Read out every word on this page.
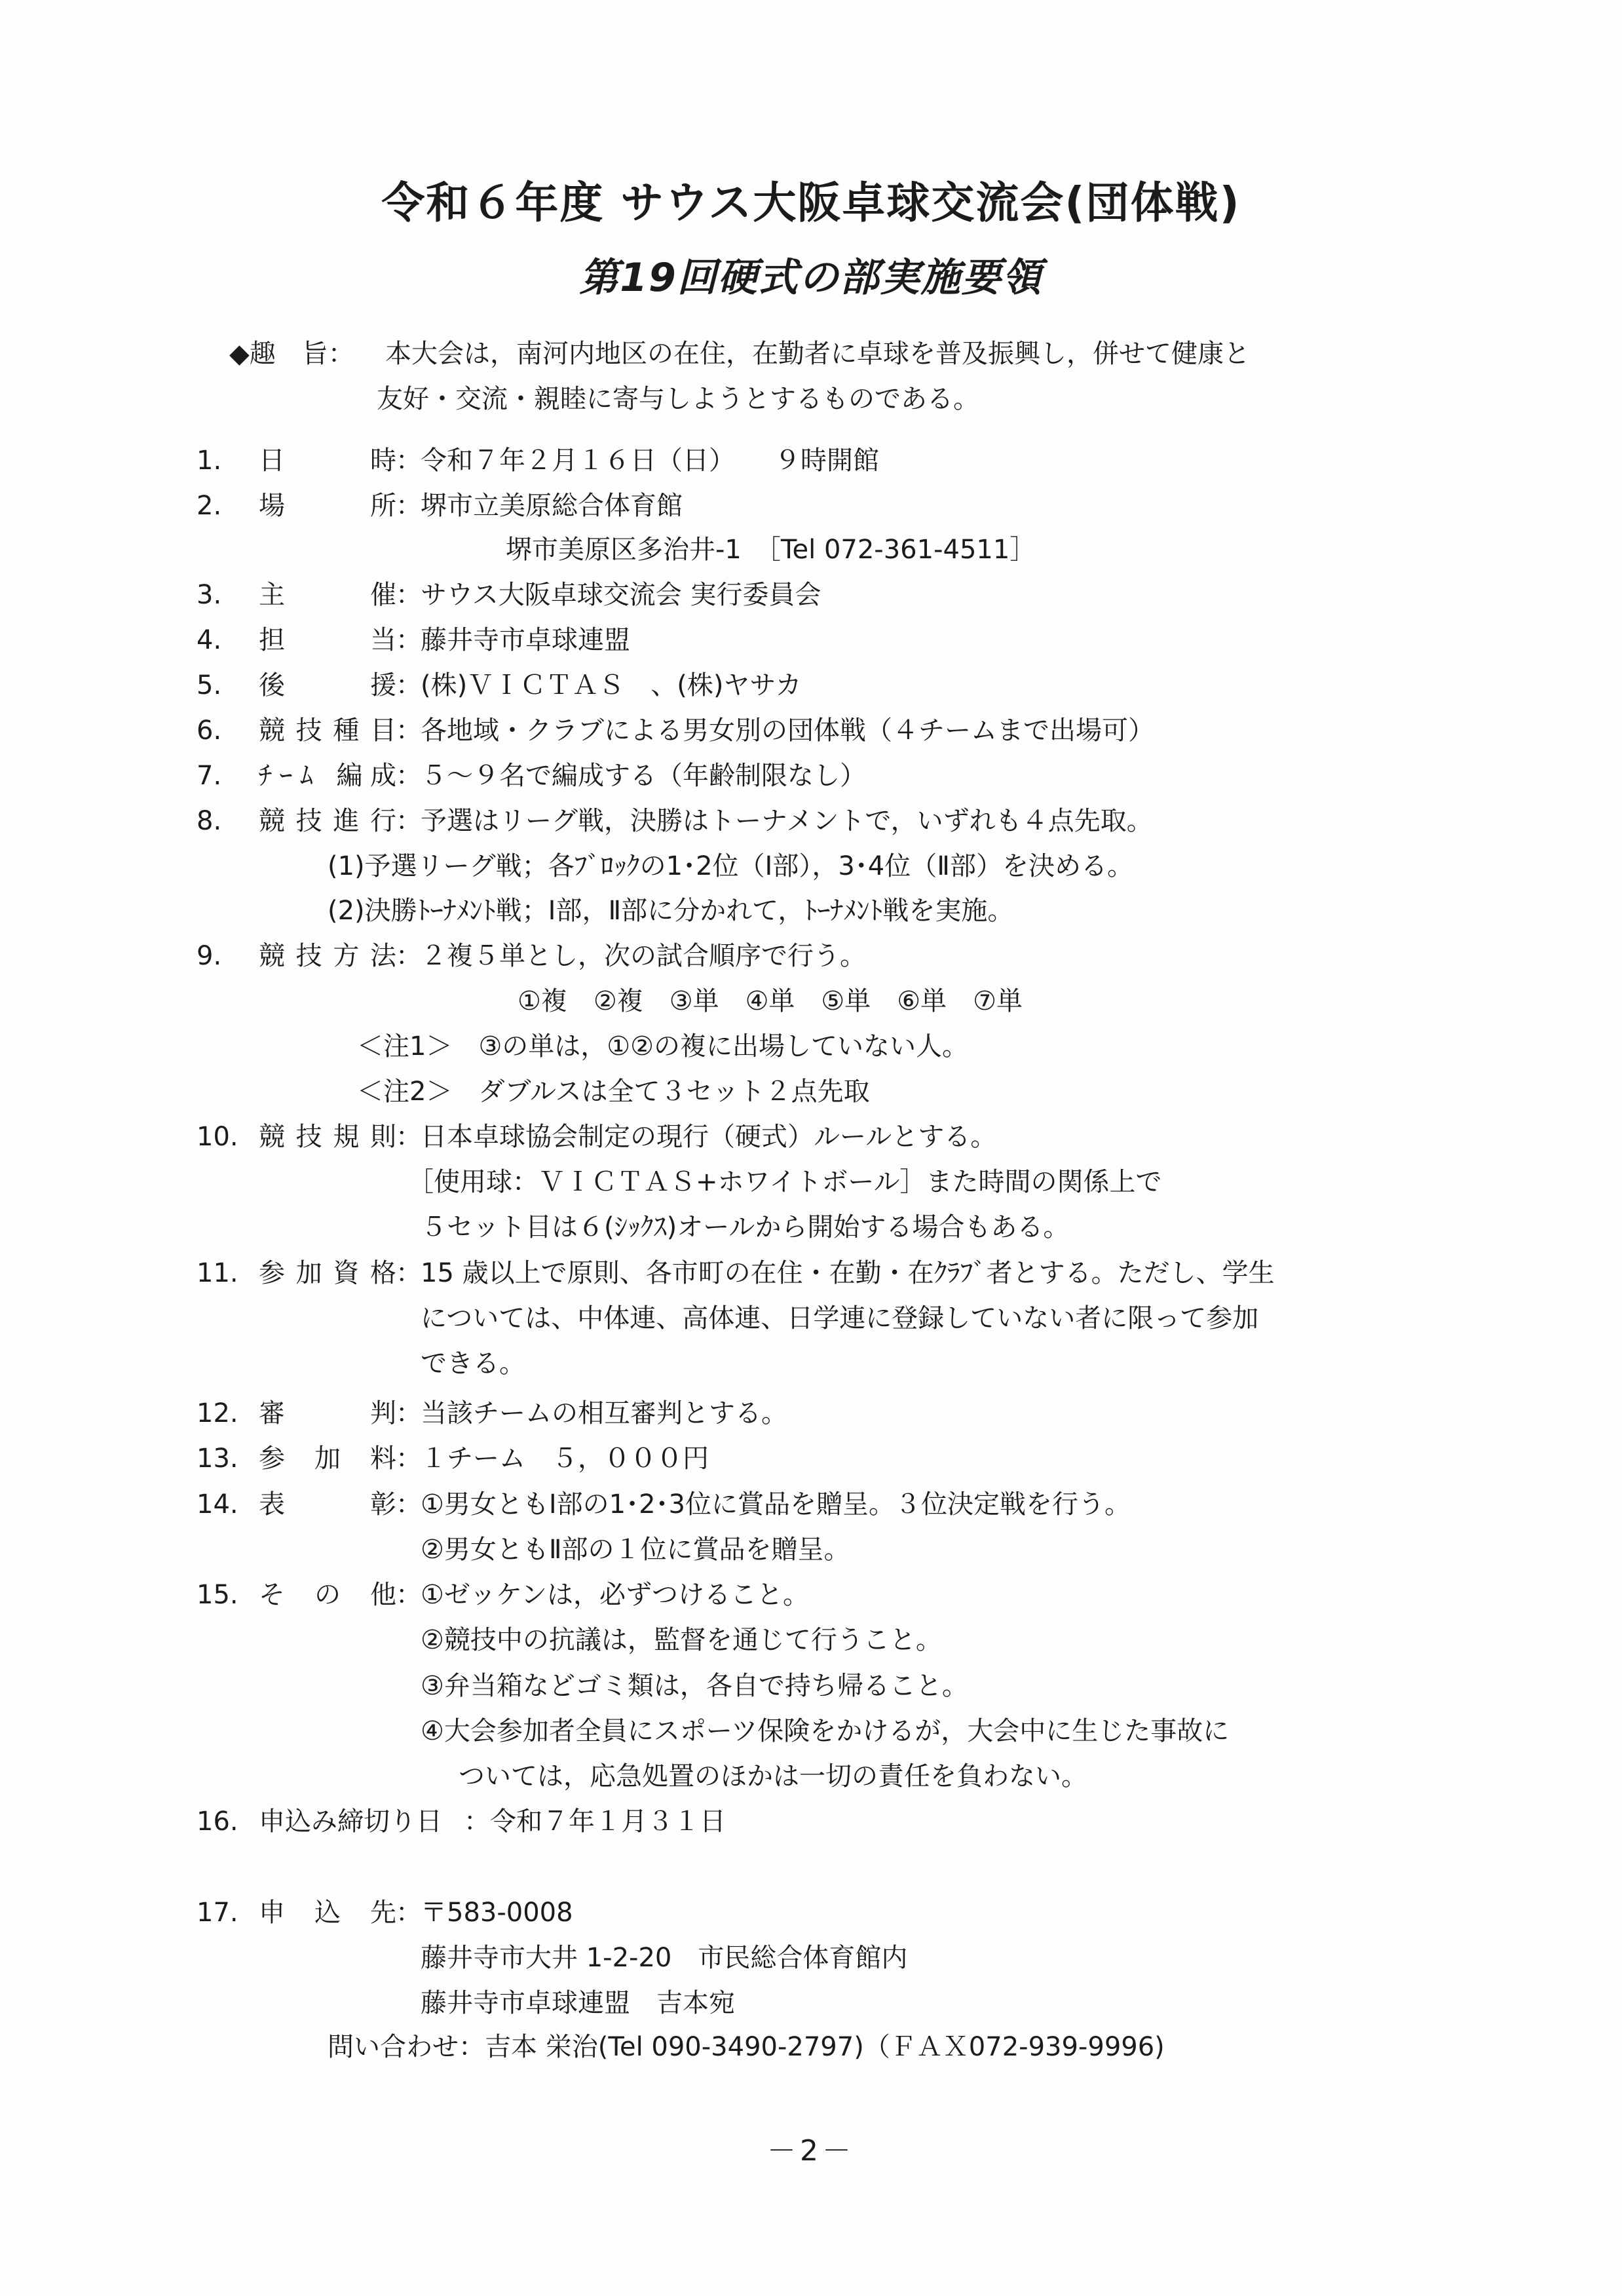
令和６年度 サウス大阪卓球交流会(団体戦)
第19回硬式の部実施要領
◆趣　旨： 本大会は，南河内地区の在住，在勤者に卓球を普及振興し，併せて健康と
友好・交流・親睦に寄与しようとするものである。
1. 日　時 ：
令和７年２月１６日（日）　　９時開館
2. 場　所 ：
堺市立美原総合体育館
堺市美原区多治井-1　［Tel 072-361-4511］
3. 主　催 ：
サウス大阪卓球交流会 実行委員会
4. 担　当 ：
藤井寺市卓球連盟
5. 後　援 ：
(株)ＶＩＣＴＡＳ　、(株)ヤサカ
6. 競技種目 ：
各地域・クラブによる男女別の団体戦（４チームまで出場可）
7. ﾁｰﾑ 編成 ：
５～９名で編成する（年齢制限なし）
8. 競技進行 ：
予選はリーグ戦，決勝はトーナメントで，いずれも４点先取。
(1)予選リーグ戦；各ﾌﾞﾛｯｸの1･2位（Ⅰ部），3･4位（Ⅱ部）を決める。
(2)決勝ﾄｰﾅﾒﾝﾄ戦；Ⅰ部，Ⅱ部に分かれて，ﾄｰﾅﾒﾝﾄ戦を実施。
9. 競技方法 ：
２複５単とし，次の試合順序で行う。
①複　②複　③単　④単　⑤単　⑥単　⑦単
＜注1＞　③の単は，①②の複に出場していない人。
＜注2＞　ダブルスは全て３セット２点先取
10. 競技規則 ：
日本卓球協会制定の現行（硬式）ルールとする。
［使用球：ＶＩＣＴＡＳ+ホワイトボール］また時間の関係上で
５セット目は６(ｼｯｸｽ)オールから開始する場合もある。
11. 参加資格 ：
15 歳以上で原則、各市町の在住・在勤・在ｸﾗﾌﾞ者とする。ただし、学生
については、中体連、高体連、日学連に登録していない者に限って参加
できる。
12. 審　判 ：
当該チームの相互審判とする。
13. 参 加 料 ：
１チーム　５，０００円
14. 表　彰 ：
①男女ともⅠ部の1･2･3位に賞品を贈呈。３位決定戦を行う。
②男女ともⅡ部の１位に賞品を贈呈。
15. そ の 他 ：
①ゼッケンは，必ずつけること。
②競技中の抗議は，監督を通じて行うこと。
③弁当箱などゴミ類は，各自で持ち帰ること。
④大会参加者全員にスポーツ保険をかけるが，大会中に生じた事故に
ついては，応急処置のほかは一切の責任を負わない。
16. 申込み締切り日 ： 令和７年１月３１日
17. 申 込 先 ：
〒583-0008
藤井寺市大井 1-2-20　市民総合体育館内
藤井寺市卓球連盟　吉本宛
問い合わせ：吉本 栄治(Tel 090-3490-2797)（ＦＡＸ072-939-9996)
－2－
